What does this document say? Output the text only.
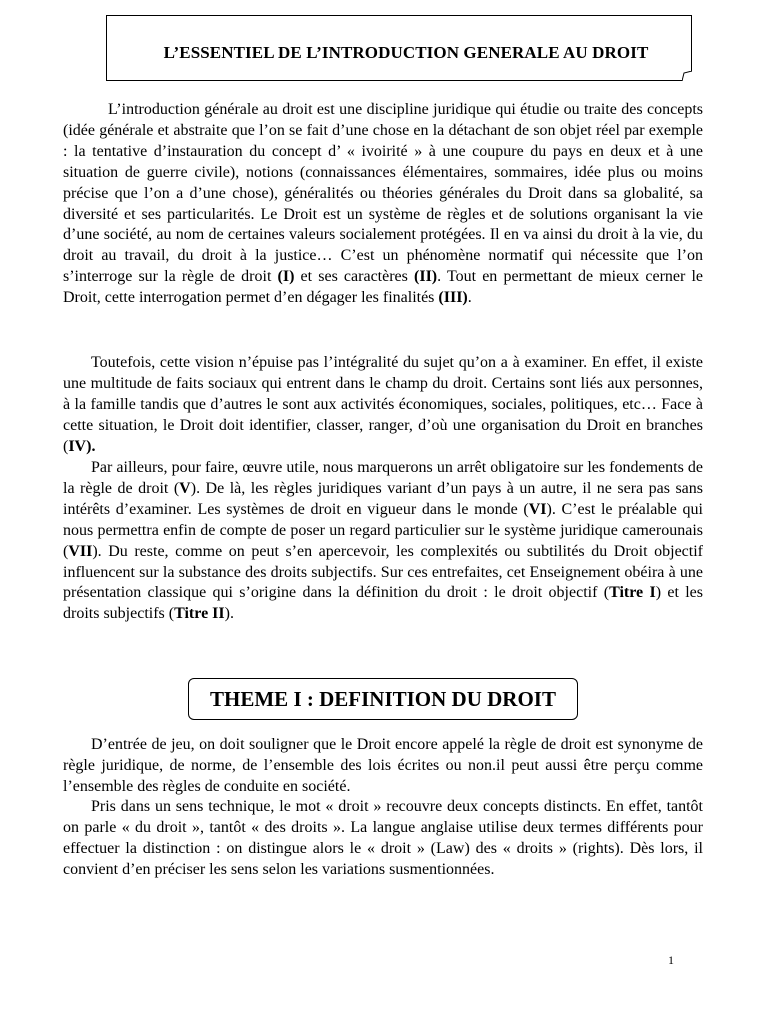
L’ESSENTIEL DE L’INTRODUCTION GENERALE AU DROIT

L’introduction générale au droit est une discipline juridique qui étudie ou traite des concepts (idée générale et abstraite que l’on se fait d’une chose en la détachant de son objet réel par exemple : la tentative d’instauration du concept d’ « ivoirité » à une coupure du pays en deux et à une situation de guerre civile), notions (connaissances élémentaires, sommaires, idée plus ou moins précise que l’on a d’une chose), généralités ou théories générales du Droit dans sa globalité, sa diversité et ses particularités. Le Droit est un système de règles et de solutions organisant la vie d’une société, au nom de certaines valeurs socialement protégées. Il en va ainsi du droit à la vie, du droit au travail, du droit à la justice… C’est un phénomène normatif qui nécessite que l’on s’interroge sur la règle de droit (I) et ses caractères (II). Tout en permettant de mieux cerner le Droit, cette interrogation permet d’en dégager les finalités (III).

Toutefois, cette vision n’épuise pas l’intégralité du sujet qu’on a à examiner. En effet, il existe une multitude de faits sociaux qui entrent dans le champ du droit. Certains sont liés aux personnes, à la famille tandis que d’autres le sont aux activités économiques, sociales, politiques, etc… Face à cette situation, le Droit doit identifier, classer, ranger, d’où une organisation du Droit en branches (IV).

Par ailleurs, pour faire, œuvre utile, nous marquerons un arrêt obligatoire sur les fondements de la règle de droit (V). De là, les règles juridiques variant d’un pays à un autre, il ne sera pas sans intérêts d’examiner. Les systèmes de droit en vigueur dans le monde (VI). C’est le préalable qui nous permettra enfin de compte de poser un regard particulier sur le système juridique camerounais (VII). Du reste, comme on peut s’en apercevoir, les complexités ou subtilités du Droit objectif influencent sur la substance des droits subjectifs. Sur ces entrefaites, cet Enseignement obéira à une présentation classique qui s’origine dans la définition du droit : le droit objectif (Titre I) et les droits subjectifs (Titre II).

THEME I : DEFINITION DU DROIT

D’entrée de jeu, on doit souligner que le Droit encore appelé la règle de droit est synonyme de règle juridique, de norme, de l’ensemble des lois écrites ou non.il peut aussi être perçu comme l’ensemble des règles de conduite en société.

Pris dans un sens technique, le mot « droit » recouvre deux concepts distincts. En effet, tantôt on parle « du droit », tantôt « des droits ». La langue anglaise utilise deux termes différents pour effectuer la distinction : on distingue alors le « droit » (Law) des « droits » (rights). Dès lors, il convient d’en préciser les sens selon les variations susmentionnées.

1
